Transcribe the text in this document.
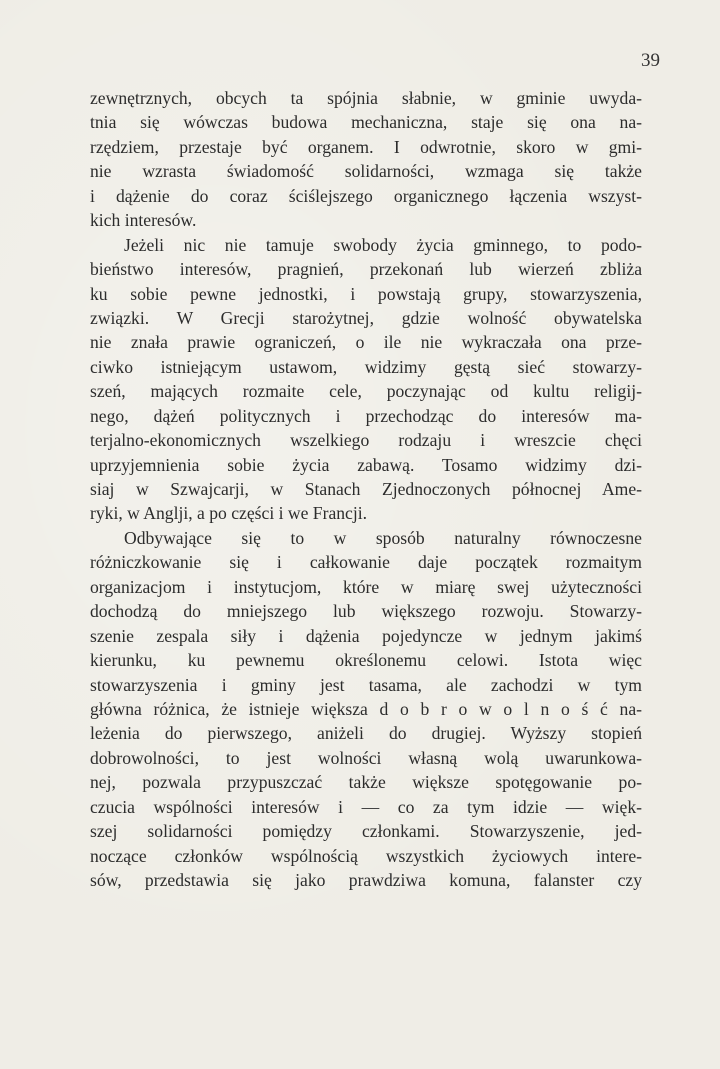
39
zewnętrznych, obcych ta spójnia słabnie, w gminie uwyda-
tnia się wówczas budowa mechaniczna, staje się ona na-
rzędziem, przestaje być organem. I odwrotnie, skoro w gmi-
nie wzrasta świadomość solidarności, wzmaga się także
i dążenie do coraz ściślejszego organicznego łączenia wszyst-
kich interesów.
Jeżeli nic nie tamuje swobody życia gminnego, to podo-
bieństwo interesów, pragnień, przekonań lub wierzeń zbliża
ku sobie pewne jednostki, i powstają grupy, stowarzyszenia,
związki. W Grecji starożytnej, gdzie wolność obywatelska
nie znała prawie ograniczeń, o ile nie wykraczała ona prze-
ciwko istniejącym ustawom, widzimy gęstą sieć stowarzy-
szeń, mających rozmaite cele, poczynając od kultu religij-
nego, dążeń politycznych i przechodząc do interesów ma-
terjalno-ekonomicznych wszelkiego rodzaju i wreszcie chęci
uprzyjemnienia sobie życia zabawą. Tosamo widzimy dzi-
siaj w Szwajcarji, w Stanach Zjednoczonych północnej Ame-
ryki, w Anglji, a po części i we Francji.
Odbywające się to w sposób naturalny równoczesne
różniczkowanie się i całkowanie daje początek rozmaitym
organizacjom i instytucjom, które w miarę swej użyteczności
dochodzą do mniejszego lub większego rozwoju. Stowarzy-
szenie zespala siły i dążenia pojedyncze w jednym jakimś
kierunku, ku pewnemu określonemu celowi. Istota więc
stowarzyszenia i gminy jest tasama, ale zachodzi w tym
główna różnica, że istnieje większa d o b r o w o l n o ś ć na-
leżenia do pierwszego, aniżeli do drugiej. Wyższy stopień
dobrowolności, to jest wolności własną wolą uwarunkowa-
nej, pozwala przypuszczać także większe spotęgowanie po-
czucia wspólności interesów i — co za tym idzie — więk-
szej solidarności pomiędzy członkami. Stowarzyszenie, jed-
noczące członków wspólnością wszystkich życiowych intere-
sów, przedstawia się jako prawdziwa komuna, falanster czy
